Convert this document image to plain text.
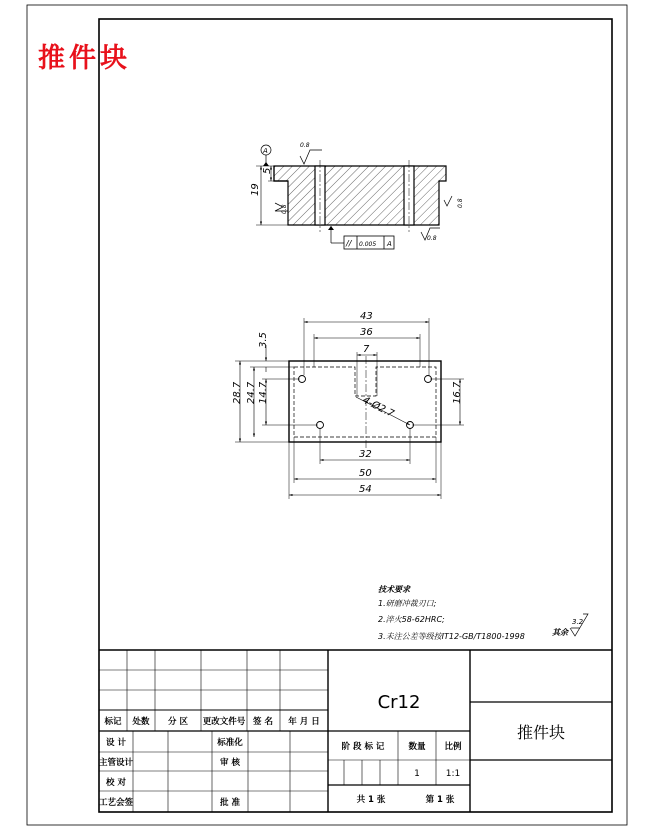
推件块
A
0.8
0.8
0.8
0.8
19
5
// 0.005 A
43
36
7
3.5
28.7 24.7 14.7	16.7
32
50
54
4-Ø2.7
技术要求
1.研磨冲裁刃口;
2.淬火58-62HRC;
3.未注公差等级按IT12-GB/T1800-1998	其余
3.2
Cr12
推件块
标记 处数 分 区 更改文件号 签 名 年 月 日
设 计	标准化
主管设计	审 核
校 对
工艺会签	批 准
阶 段 标 记	数量 比例
1	1:1
共 1 张	第 1 张
